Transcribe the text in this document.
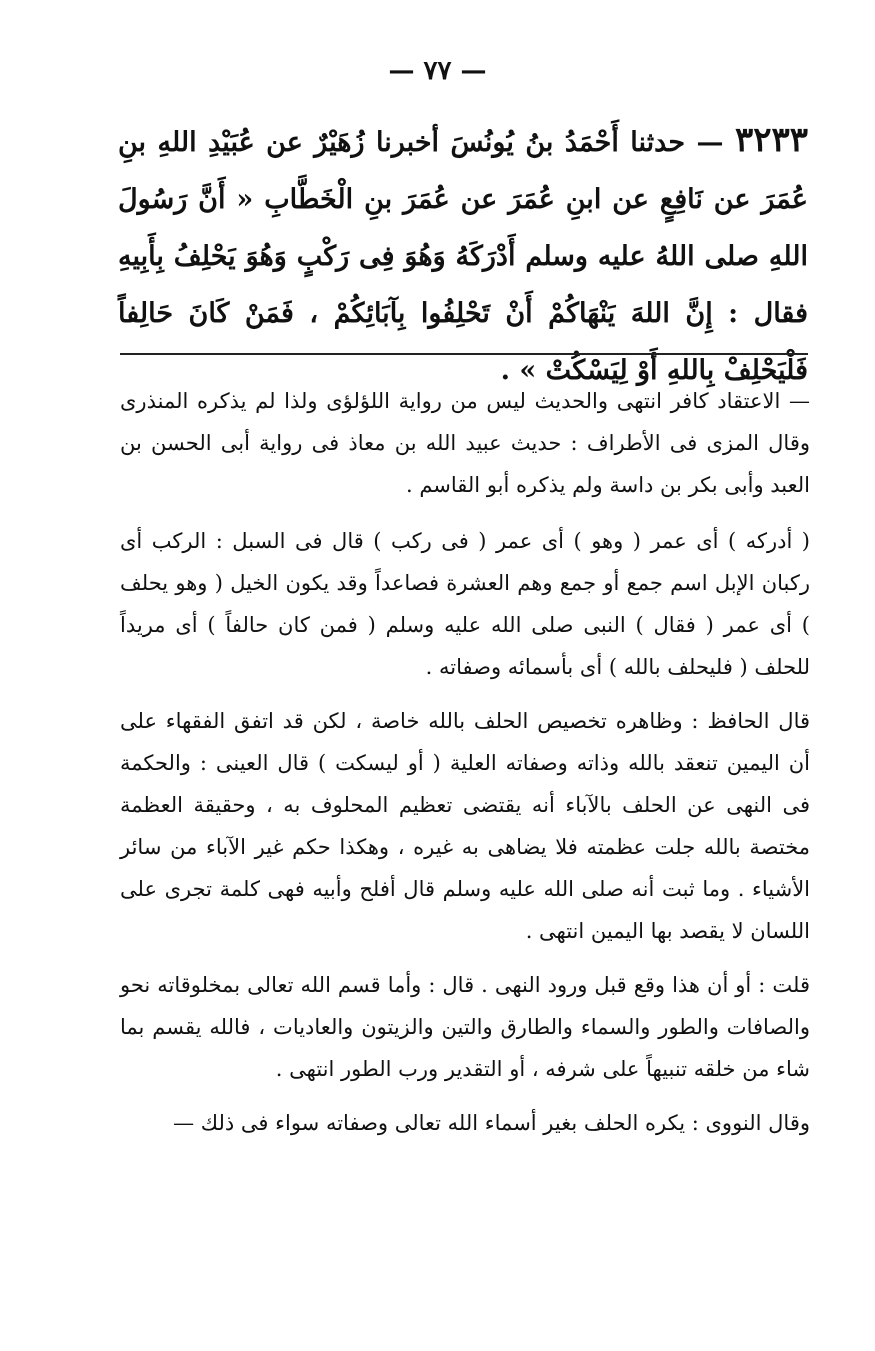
— ٧٧ —
٣٢٣٣ — حدثنا أَحْمَدُ بنُ يُونُسَ أخبرنا زُهَيْرٌ عن عُبَيْدِ اللهِ بنِ عُمَرَ عن نَافِعٍ عن ابنِ عُمَرَ عن عُمَرَ بنِ الْخَطَّابِ « أَنَّ رَسُولَ اللهِ صلى اللهُ عليه وسلم أَدْرَكَهُ وَهُوَ فِى رَكْبٍ وَهُوَ يَحْلِفُ بِأَبِيهِ فقال : إِنَّ اللهَ يَنْهَاكُمْ أَنْ تَحْلِفُوا بِآبَائِكُمْ ، فَمَنْ كَانَ حَالِفاً فَلْيَحْلِفْ بِاللهِ أَوْ لِيَسْكُتْ » .

— الاعتقاد كافر انتهى والحديث ليس من رواية اللؤلؤى ولذا لم يذكره المنذرى وقال المزى فى الأطراف : حديث عبيد الله بن معاذ فى رواية أبى الحسن بن العبد وأبى بكر بن داسة ولم يذكره أبو القاسم .

( أدركه ) أى عمر ( وهو ) أى عمر ( فى ركب ) قال فى السبل : الركب أى ركبان الإبل اسم جمع أو جمع وهم العشرة فصاعداً وقد يكون الخيل ( وهو يحلف ) أى عمر ( فقال ) النبى صلى الله عليه وسلم ( فمن كان حالفاً ) أى مريداً للحلف ( فليحلف بالله ) أى بأسمائه وصفاته .

قال الحافظ : وظاهره تخصيص الحلف بالله خاصة ، لكن قد اتفق الفقهاء على أن اليمين تنعقد بالله وذاته وصفاته العلية ( أو ليسكت ) قال العينى : والحكمة فى النهى عن الحلف بالآباء أنه يقتضى تعظيم المحلوف به ، وحقيقة العظمة مختصة بالله جلت عظمته فلا يضاهى به غيره ، وهكذا حكم غير الآباء من سائر الأشياء . وما ثبت أنه صلى الله عليه وسلم قال أفلح وأبيه فهى كلمة تجرى على اللسان لا يقصد بها اليمين انتهى .

قلت : أو أن هذا وقع قبل ورود النهى . قال : وأما قسم الله تعالى بمخلوقاته نحو والصافات والطور والسماء والطارق والتين والزيتون والعاديات ، فالله يقسم بما شاء من خلقه تنبيهاً على شرفه ، أو التقدير ورب الطور انتهى .

وقال النووى : يكره الحلف بغير أسماء الله تعالى وصفاته سواء فى ذلك —
